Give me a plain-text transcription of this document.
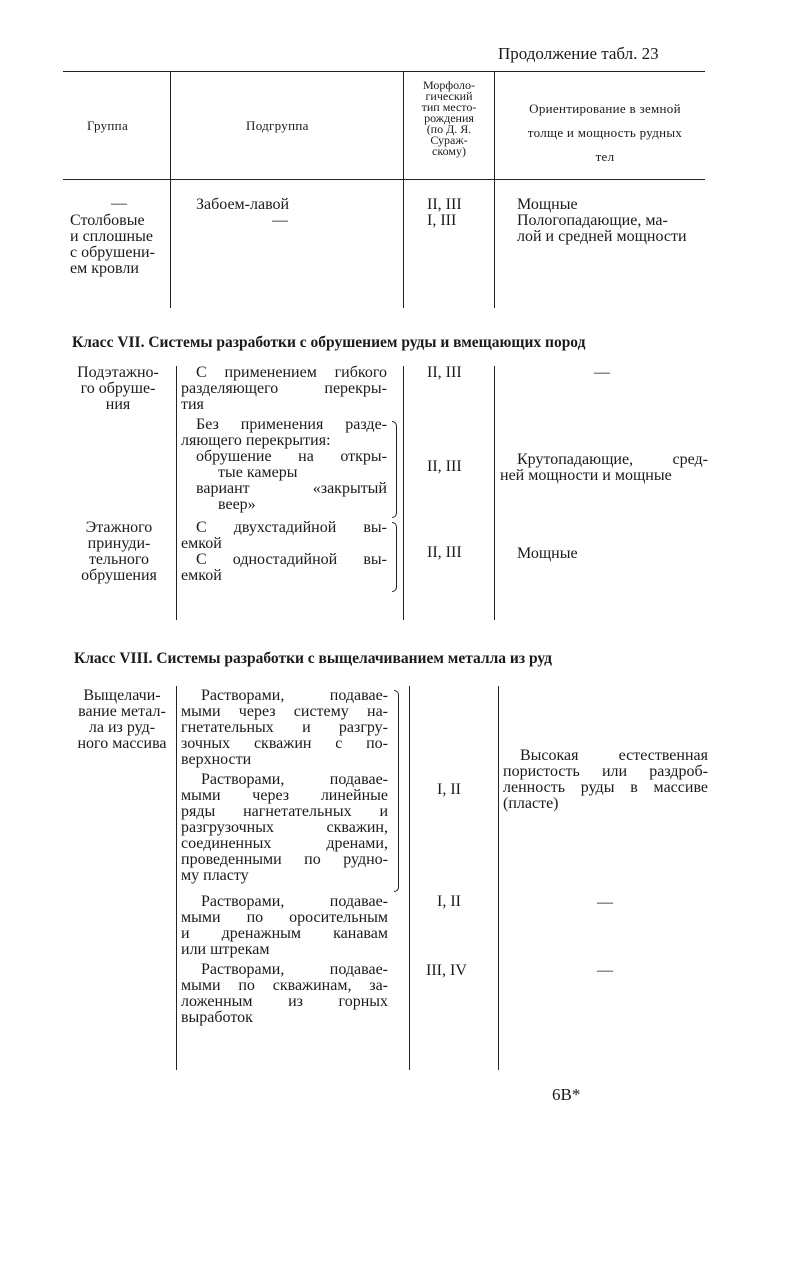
Продолжение табл. 23
Группа	Подгруппа
Морфоло-
гический
тип место-
рождения
(по Д. Я.
Сураж-
скому)
Ориентирование в земной
толще и мощность рудных
тел
—
Столбовые
и сплошные
с обрушени-
ем кровли
Забоем-лавой
—
II, III
I, III
Мощные
Пологопадающие, ма-
лой и средней мощности
Класс VII. Системы разработки с обрушением руды и вмещающих пород
Подэтажно-
го обруше-
ния
Этажного
принуди-
тельного
обрушения
С применением гибкого
разделяющего перекры-
тия
Без применения разде-
ляющего перекрытия:
обрушение на откры-
тые камеры
вариант «закрытый
веер»
С двухстадийной вы-
емкой
С одностадийной вы-
емкой
II, III
II, III
II, III
—
Крутопадающие, сред-
ней мощности и мощные
Мощные
Класс VIII. Системы разработки с выщелачиванием металла из руд
Выщелачи-
вание метал-
ла из руд-
ного массива
Растворами, подавае-
мыми через систему на-
гнетательных и разгру-
зочных скважин с по-
верхности
Растворами, подавае-
мыми через линейные
ряды нагнетательных и
разгрузочных скважин,
соединенных дренами,
проведенными по рудно-
му пласту
Растворами, подавае-
мыми по оросительным
и дренажным канавам
или штрекам
Растворами, подавае-
мыми по скважинам, за-
ложенным из горных
выработок
I, II
I, II
III, IV
Высокая естественная
пористость или раздроб-
ленность руды в массиве
(пласте)
—
—
6В*
